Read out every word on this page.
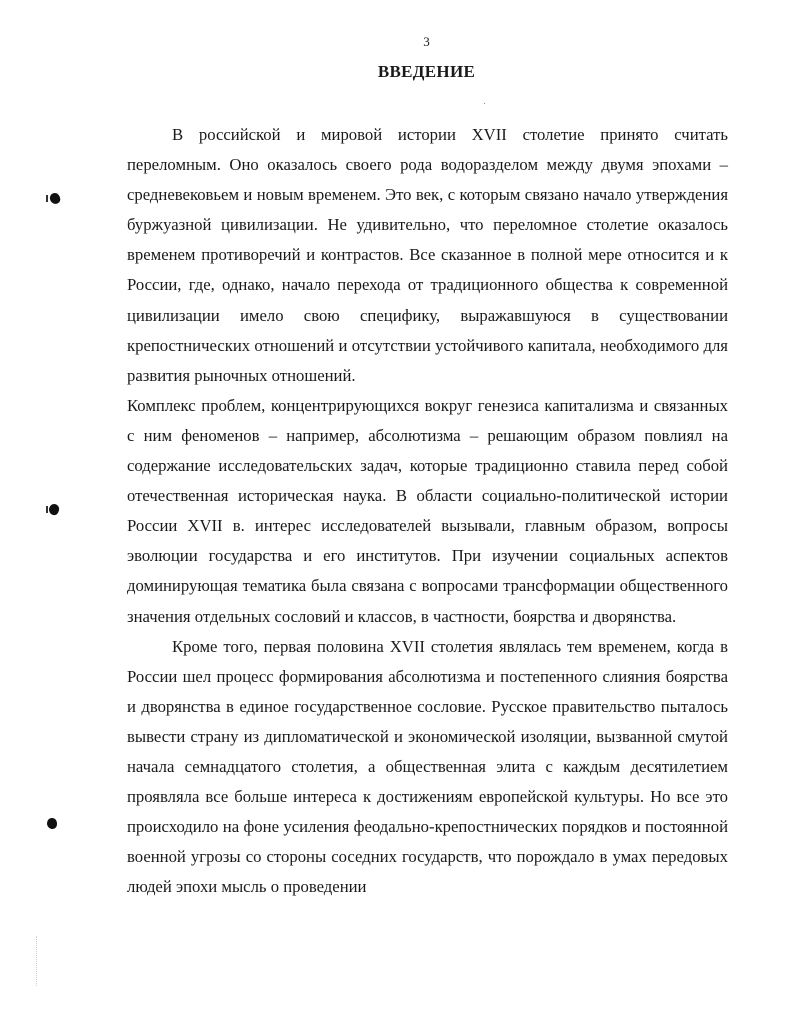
3
ВВЕДЕНИЕ

В российской и мировой истории XVII столетие принято считать переломным. Оно оказалось своего рода водоразделом между двумя эпохами – средневековьем и новым временем. Это век, с которым связано начало утверждения буржуазной цивилизации. Не удивительно, что переломное столетие оказалось временем противоречий и контрастов. Все сказанное в полной мере относится и к России, где, однако, начало перехода от традиционного общества к современной цивилизации имело свою специфику, выражавшуюся в существовании крепостнических отношений и отсутствии устойчивого капитала, необходимого для развития рыночных отношений.

Комплекс проблем, концентрирующихся вокруг генезиса капитализма и связанных с ним феноменов – например, абсолютизма – решающим образом повлиял на содержание исследовательских задач, которые традиционно ставила перед собой отечественная историческая наука. В области социально-политической истории России XVII в. интерес исследователей вызывали, главным образом, вопросы эволюции государства и его институтов. При изучении социальных аспектов доминирующая тематика была связана с вопросами трансформации общественного значения отдельных сословий и классов, в частности, боярства и дворянства.

Кроме того, первая половина XVII столетия являлась тем временем, когда в России шел процесс формирования абсолютизма и постепенного слияния боярства и дворянства в единое государственное сословие. Русское правительство пыталось вывести страну из дипломатической и экономической изоляции, вызванной смутой начала семнадцатого столетия, а общественная элита с каждым десятилетием проявляла все больше интереса к достижениям европейской культуры. Но все это происходило на фоне усиления феодально-крепостнических порядков и постоянной военной угрозы со стороны соседних государств, что порождало в умах передовых людей эпохи мысль о проведении
